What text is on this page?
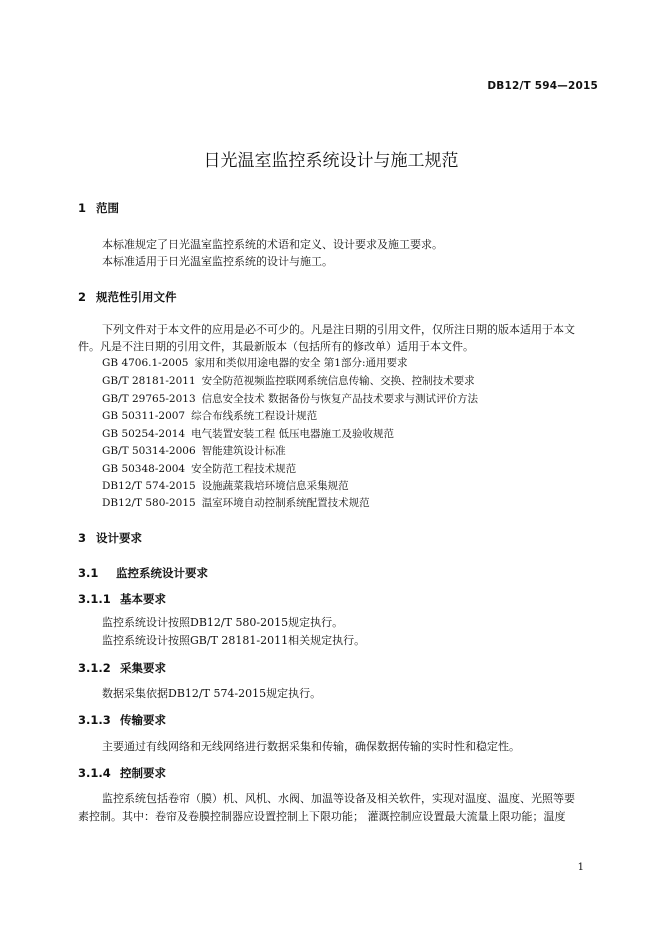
DB12/T 594—2015
日光温室监控系统设计与施工规范
1 范围
本标准规定了日光温室监控系统的术语和定义、设计要求及施工要求。
本标准适用于日光温室监控系统的设计与施工。
2 规范性引用文件
下列文件对于本文件的应用是必不可少的。凡是注日期的引用文件，仅所注日期的版本适用于本文
件。凡是不注日期的引用文件，其最新版本（包括所有的修改单）适用于本文件。
GB 4706.1-2005 家用和类似用途电器的安全 第1部分:通用要求
GB/T 28181-2011 安全防范视频监控联网系统信息传输、交换、控制技术要求
GB/T 29765-2013 信息安全技术 数据备份与恢复产品技术要求与测试评价方法
GB 50311-2007 综合布线系统工程设计规范
GB 50254-2014 电气装置安装工程 低压电器施工及验收规范
GB/T 50314-2006 智能建筑设计标准
GB 50348-2004 安全防范工程技术规范
DB12/T 574-2015 设施蔬菜栽培环境信息采集规范
DB12/T 580-2015 温室环境自动控制系统配置技术规范
3 设计要求
3.1 监控系统设计要求
3.1.1 基本要求
监控系统设计按照DB12/T 580-2015规定执行。
监控系统设计按照GB/T 28181-2011相关规定执行。
3.1.2 采集要求
数据采集依据DB12/T 574-2015规定执行。
3.1.3 传输要求
主要通过有线网络和无线网络进行数据采集和传输，确保数据传输的实时性和稳定性。
3.1.4 控制要求
监控系统包括卷帘（膜）机、风机、水阀、加温等设备及相关软件，实现对温度、温度、光照等要
素控制。其中：卷帘及卷膜控制器应设置控制上下限功能； 灌溉控制应设置最大流量上限功能；温度
1
